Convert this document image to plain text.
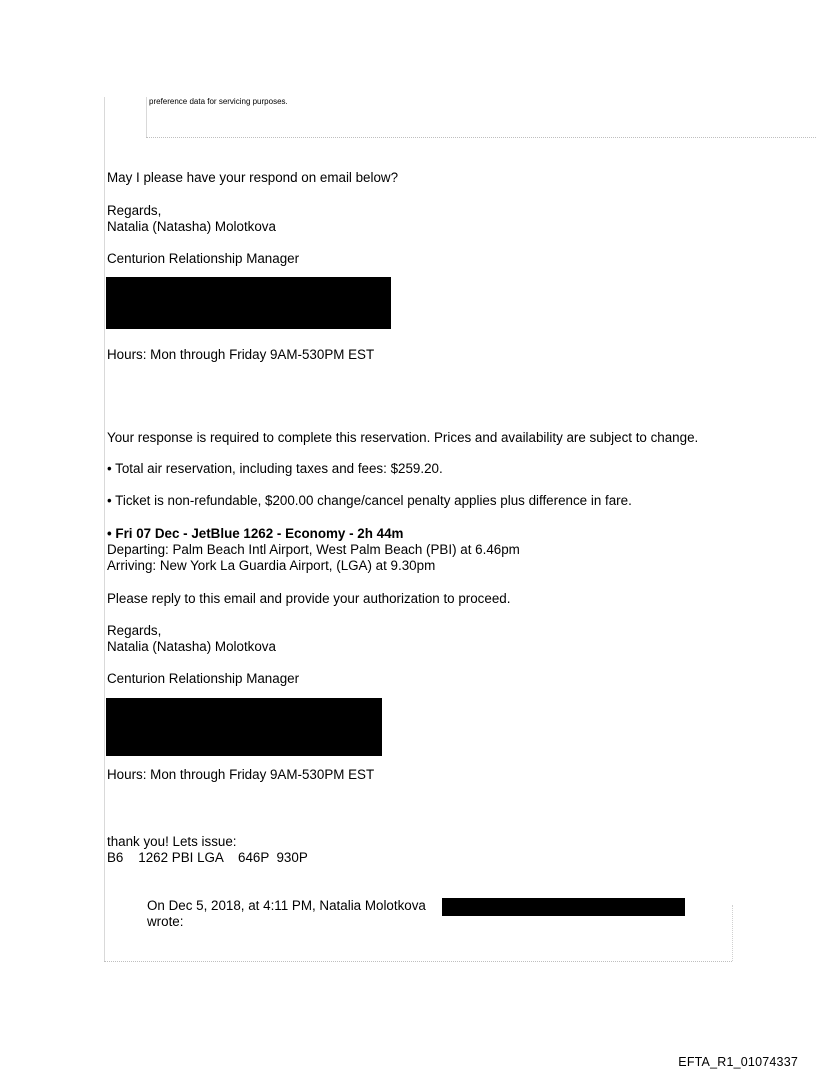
preference data for servicing purposes.
May I please have your respond on email below?
Regards,
Natalia (Natasha) Molotkova
Centurion Relationship Manager
Hours: Mon through Friday 9AM-530PM EST
Your response is required to complete this reservation. Prices and availability are subject to change.
• Total air reservation, including taxes and fees: $259.20.
• Ticket is non-refundable, $200.00 change/cancel penalty applies plus difference in fare.
• Fri 07 Dec - JetBlue 1262 - Economy - 2h 44m
Departing: Palm Beach Intl Airport, West Palm Beach (PBI) at 6.46pm
Arriving: New York La Guardia Airport, (LGA) at 9.30pm
Please reply to this email and provide your authorization to proceed.
Regards,
Natalia (Natasha) Molotkova
Centurion Relationship Manager
Hours: Mon through Friday 9AM-530PM EST
thank you! Lets issue:
B6    1262 PBI LGA    646P  930P
On Dec 5, 2018, at 4:11 PM, Natalia Molotkova
wrote:
EFTA_R1_01074337
